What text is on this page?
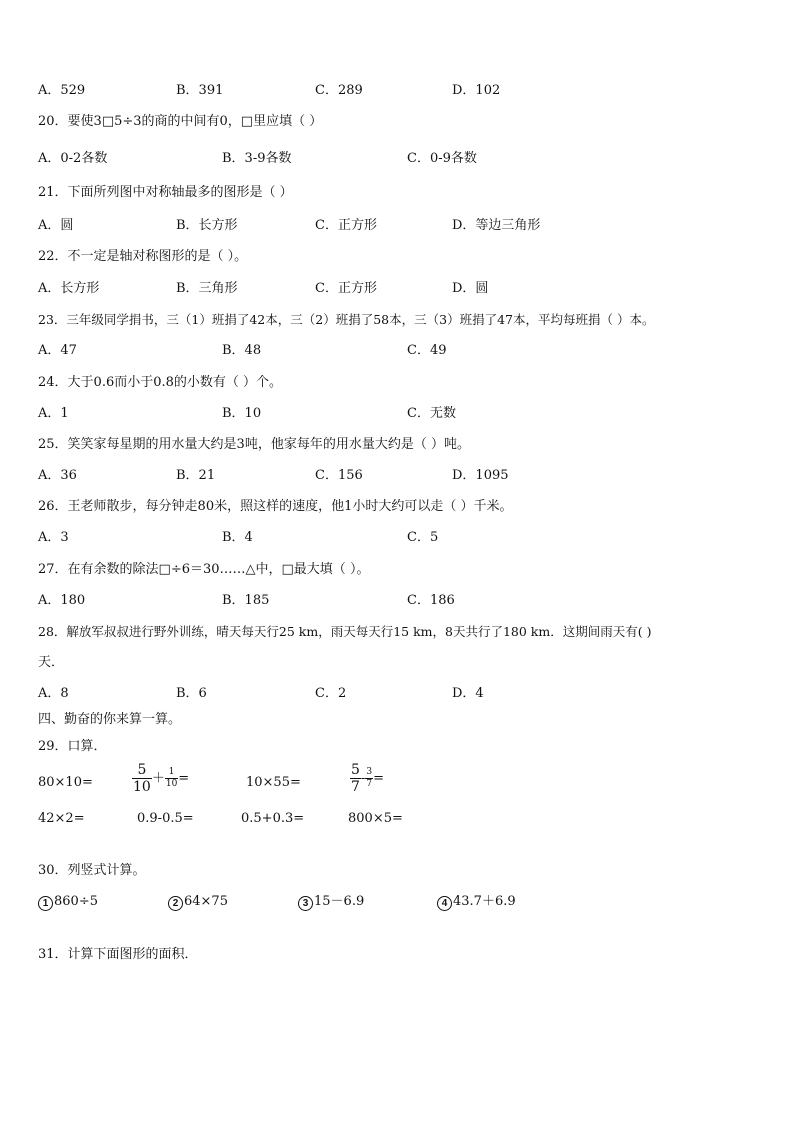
A．529	B．391	C．289	D．102
20．要使3□5÷3的商的中间有0，□里应填（ ）
A．0-2各数	B．3-9各数	C．0-9各数
21．下面所列图中对称轴最多的图形是（ ）
A．圆	B．长方形	C．正方形	D．等边三角形
22．不一定是轴对称图形的是（ ）。
A．长方形	B．三角形	C．正方形	D．圆
23．三年级同学捐书，三（1）班捐了42本，三（2）班捐了58本，三（3）班捐了47本，平均每班捐（ ）本。
A．47	B．48	C．49
24．大于0.6而小于0.8的小数有（ ）个。
A．1	B．10	C．无数
25．笑笑家每星期的用水量大约是3吨，他家每年的用水量大约是（ ）吨。
A．36	B．21	C．156	D．1095
26．王老师散步，每分钟走80米，照这样的速度，他1小时大约可以走（ ）千米。
A．3	B．4	C．5
27．在有余数的除法□÷6＝30……△中，□最大填（ ）。
A．180	B．185	C．186
28．解放军叔叔进行野外训练，晴天每天行25 km，雨天每天行15 km，8天共行了180 km．这期间雨天有( )
天．
A．8	B．6	C．2	D．4
四、勤奋的你来算一算。
29．口算．
80×10=	$\frac{5}{10} + \frac{1}{10}$ =	10×55=	$\frac{5}{7} - \frac{3}{7}$ =
42×2=	0.9-0.5=	0.5+0.3=	800×5=
30．列竖式计算。
1 860÷5	2 64×75	3 15－6.9	4 43.7＋6.9
31．计算下面图形的面积．
